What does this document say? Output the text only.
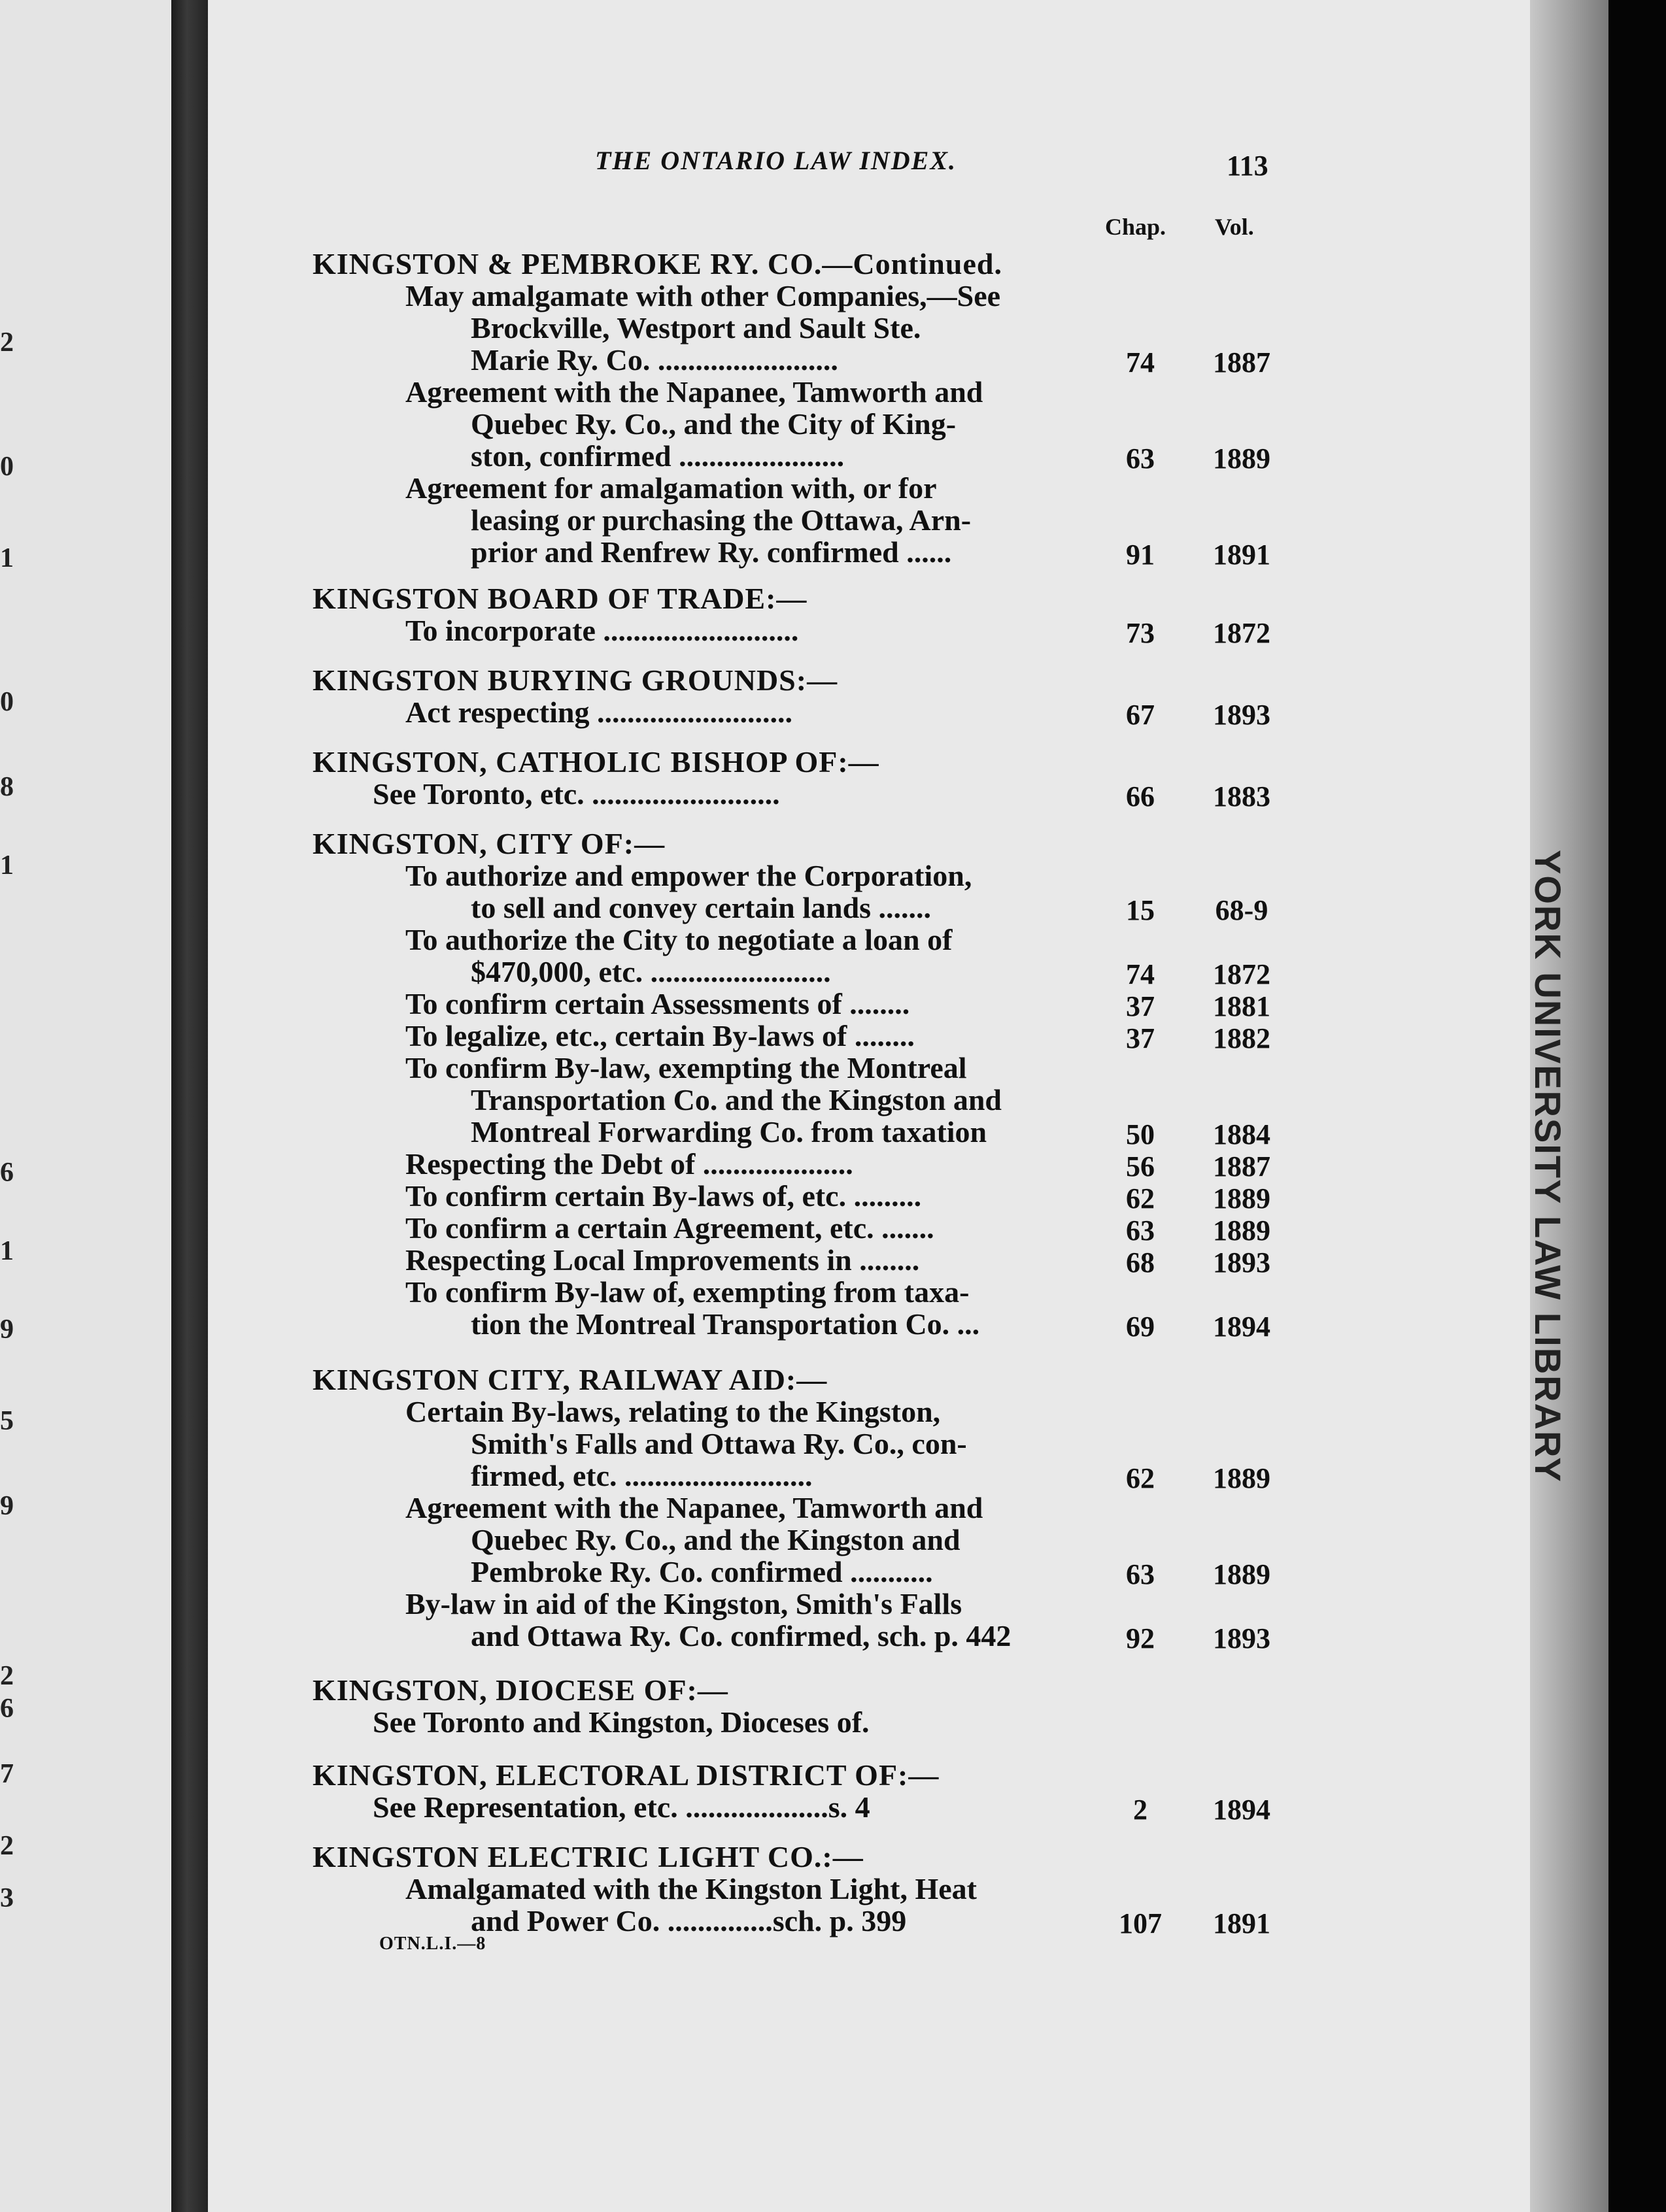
YORK UNIVERSITY LAW LIBRARY
2
0
1
0
8
1
6
1
9
5
9
2
6
7
2
3
THE ONTARIO LAW INDEX.	113
Chap. Vol.
KINGSTON & PEMBROKE RY. CO.—Continued.
May amalgamate with other Companies,—See
Brockville, Westport and Sault Ste.
Marie Ry. Co. ........................	74	1887
Agreement with the Napanee, Tamworth and
Quebec Ry. Co., and the City of King-
ston, confirmed ......................	63	1889
Agreement for amalgamation with, or for
leasing or purchasing the Ottawa, Arn-
prior and Renfrew Ry. confirmed ......	91	1891
KINGSTON BOARD OF TRADE:—
To incorporate ..........................	73	1872
KINGSTON BURYING GROUNDS:—
Act respecting ..........................	67	1893
KINGSTON, CATHOLIC BISHOP OF:—
See Toronto, etc. .........................	66	1883
KINGSTON, CITY OF:—
To authorize and empower the Corporation,
to sell and convey certain lands .......	15	68-9
To authorize the City to negotiate a loan of
$470,000, etc. ........................	74	1872
To confirm certain Assessments of ........	37	1881
To legalize, etc., certain By-laws of ........	37	1882
To confirm By-law, exempting the Montreal
Transportation Co. and the Kingston and
Montreal Forwarding Co. from taxation	50	1884
Respecting the Debt of ....................	56	1887
To confirm certain By-laws of, etc. .........	62	1889
To confirm a certain Agreement, etc. .......	63	1889
Respecting Local Improvements in ........	68	1893
To confirm By-law of, exempting from taxa-
tion the Montreal Transportation Co. ...	69	1894
KINGSTON CITY, RAILWAY AID:—
Certain By-laws, relating to the Kingston,
Smith's Falls and Ottawa Ry. Co., con-
firmed, etc. .........................	62	1889
Agreement with the Napanee, Tamworth and
Quebec Ry. Co., and the Kingston and
Pembroke Ry. Co. confirmed ...........	63	1889
By-law in aid of the Kingston, Smith's Falls
and Ottawa Ry. Co. confirmed, sch. p. 442	92	1893
KINGSTON, DIOCESE OF:—
See Toronto and Kingston, Dioceses of.
KINGSTON, ELECTORAL DISTRICT OF:—
See Representation, etc. ...................s. 4	2	1894
KINGSTON ELECTRIC LIGHT CO.:—
Amalgamated with the Kingston Light, Heat
and Power Co. ..............sch. p. 399	107	1891
OTN.L.I.—8
